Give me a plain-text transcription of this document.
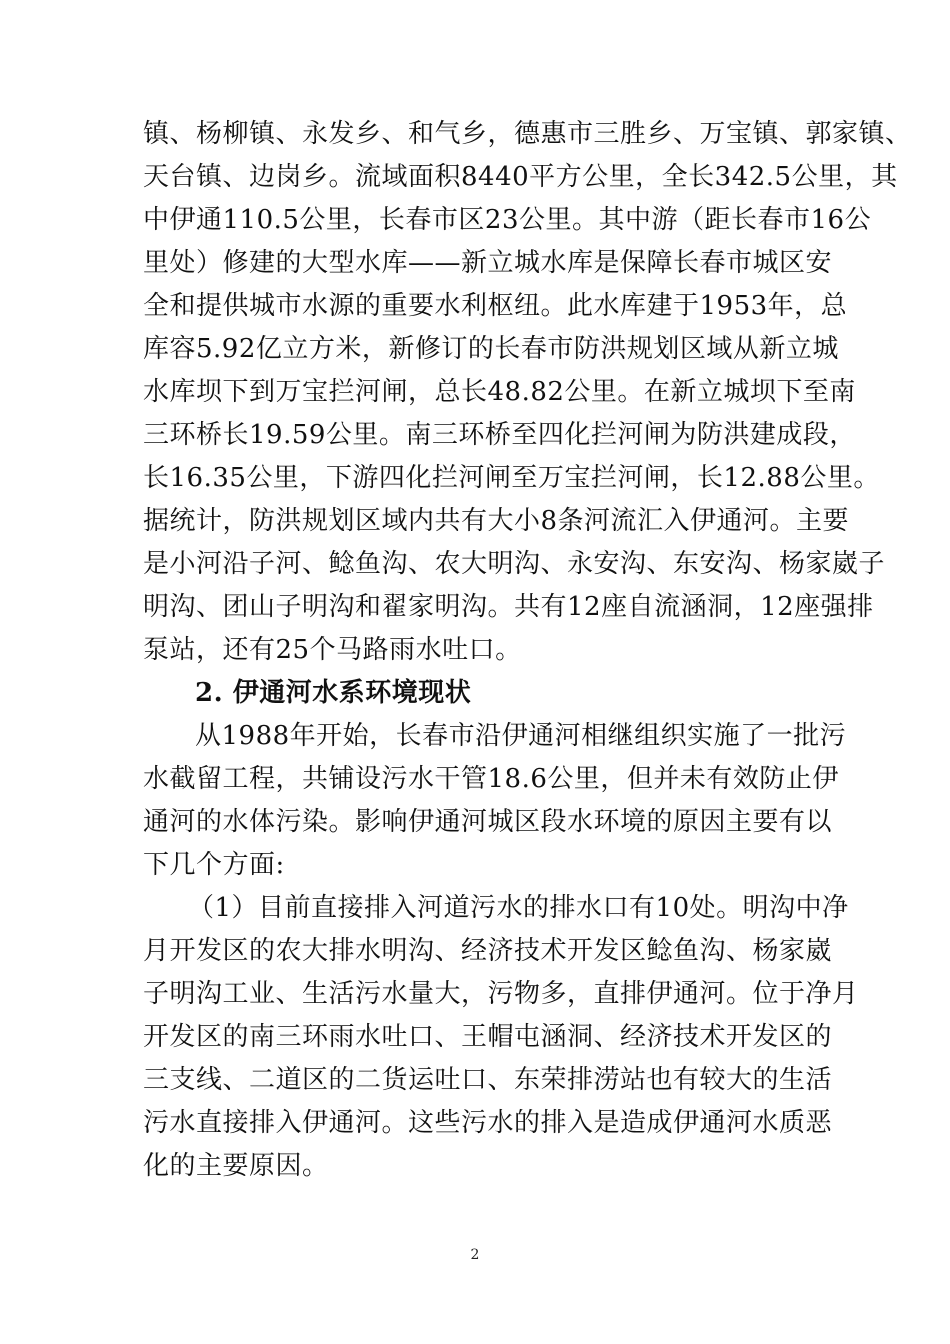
镇、杨柳镇、永发乡、和气乡，德惠市三胜乡、万宝镇、郭家镇、
天台镇、边岗乡。流域面积8440平方公里，全长342.5公里，其
中伊通110.5公里，长春市区23公里。其中游（距长春市16公
里处）修建的大型水库——新立城水库是保障长春市城区安
全和提供城市水源的重要水利枢纽。此水库建于1953年，总
库容5.92亿立方米，新修订的长春市防洪规划区域从新立城
水库坝下到万宝拦河闸，总长48.82公里。在新立城坝下至南
三环桥长19.59公里。南三环桥至四化拦河闸为防洪建成段，
长16.35公里，下游四化拦河闸至万宝拦河闸，长12.88公里。
据统计，防洪规划区域内共有大小8条河流汇入伊通河。主要
是小河沿子河、鲶鱼沟、农大明沟、永安沟、东安沟、杨家崴子
明沟、团山子明沟和翟家明沟。共有12座自流涵洞，12座强排
泵站，还有25个马路雨水吐口。
2. 伊通河水系环境现状
从1988年开始，长春市沿伊通河相继组织实施了一批污
水截留工程，共铺设污水干管18.6公里，但并未有效防止伊
通河的水体污染。影响伊通河城区段水环境的原因主要有以
下几个方面:
（1）目前直接排入河道污水的排水口有10处。明沟中净
月开发区的农大排水明沟、经济技术开发区鲶鱼沟、杨家崴
子明沟工业、生活污水量大，污物多，直排伊通河。位于净月
开发区的南三环雨水吐口、王帽屯涵洞、经济技术开发区的
三支线、二道区的二货运吐口、东荣排涝站也有较大的生活
污水直接排入伊通河。这些污水的排入是造成伊通河水质恶
化的主要原因。
2
